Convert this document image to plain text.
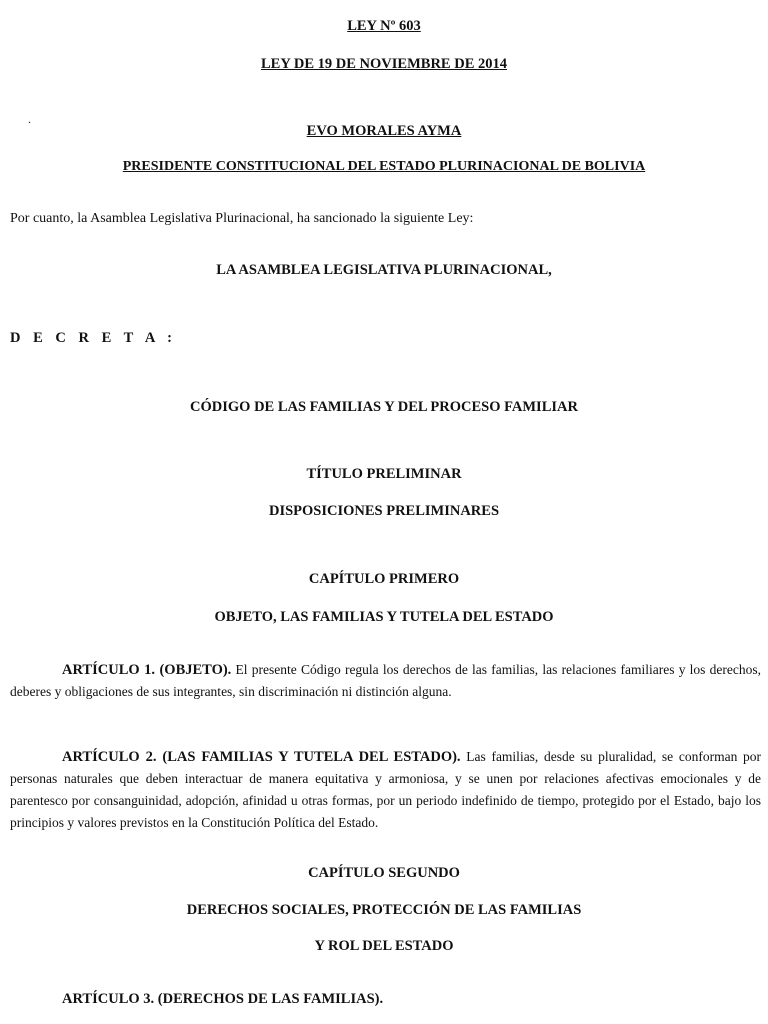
LEY Nº 603
LEY DE 19 DE NOVIEMBRE DE 2014
.
EVO MORALES AYMA
PRESIDENTE CONSTITUCIONAL DEL ESTADO PLURINACIONAL DE BOLIVIA
Por cuanto, la Asamblea Legislativa Plurinacional, ha sancionado la siguiente Ley:
LA ASAMBLEA LEGISLATIVA PLURINACIONAL,
D E C R E T A :
CÓDIGO DE LAS FAMILIAS Y DEL PROCESO FAMILIAR
TÍTULO PRELIMINAR
DISPOSICIONES PRELIMINARES
CAPÍTULO PRIMERO
OBJETO, LAS FAMILIAS Y TUTELA DEL ESTADO
ARTÍCULO 1. (OBJETO). El presente Código regula los derechos de las familias, las relaciones familiares y los derechos, deberes y obligaciones de sus integrantes, sin discriminación ni distinción alguna.
ARTÍCULO 2. (LAS FAMILIAS Y TUTELA DEL ESTADO). Las familias, desde su pluralidad, se conforman por personas naturales que deben interactuar de manera equitativa y armoniosa, y se unen por relaciones afectivas emocionales y de parentesco por consanguinidad, adopción, afinidad u otras formas, por un periodo indefinido de tiempo, protegido por el Estado, bajo los principios y valores previstos en la Constitución Política del Estado.
CAPÍTULO SEGUNDO
DERECHOS SOCIALES, PROTECCIÓN DE LAS FAMILIAS
Y ROL DEL ESTADO
ARTÍCULO 3. (DERECHOS DE LAS FAMILIAS).
